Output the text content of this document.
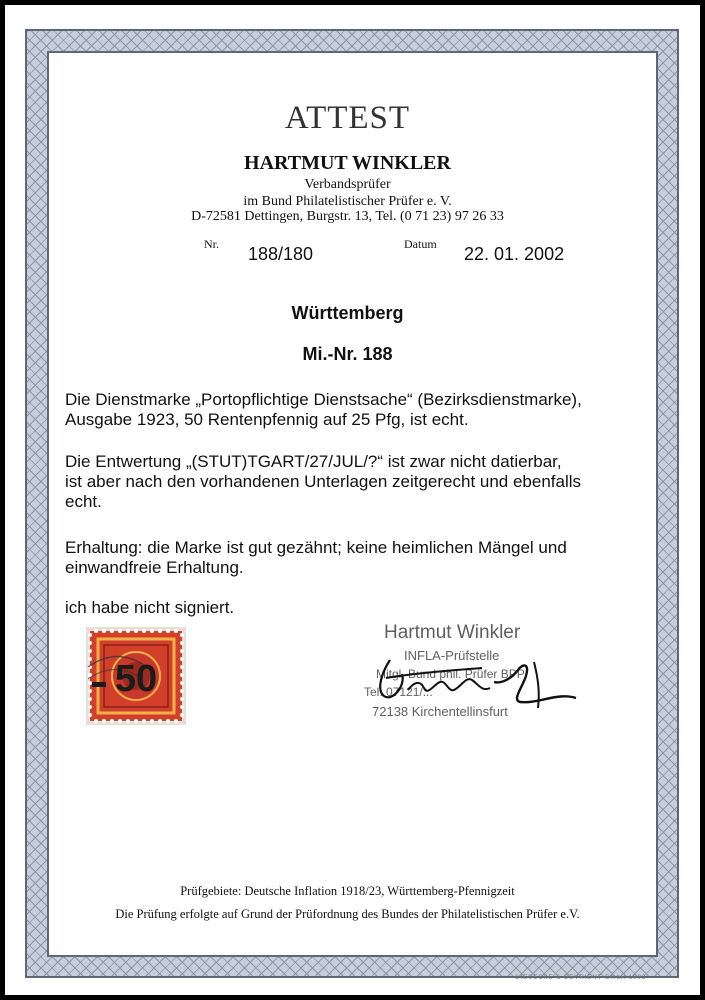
ATTEST
HARTMUT WINKLER
Verbandsprüfer
im Bund Philatelistischer Prüfer e. V.
D-72581 Dettingen, Burgstr. 13, Tel. (0 71 23) 97 26 33
Nr. 188/180	Datum 22. 01. 2002
Württemberg
Mi.-Nr. 188
Die Dienstmarke „Portopflichtige Dienstsache“ (Bezirksdienstmarke),
Ausgabe 1923, 50 Rentenpfennig auf 25 Pfg, ist echt.
Die Entwertung „(STUT)TGART/27/JUL/?“ ist zwar nicht datierbar,
ist aber nach den vorhandenen Unterlagen zeitgerecht und ebenfalls
echt.
Erhaltung: die Marke ist gut gezähnt; keine heimlichen Mängel und
einwandfreie Erhaltung.
ich habe nicht signiert.
50
Hartmut Winkler
INFLA-Prüfstelle
Mitgl. Bund phil. Prüfer BPP
Tel. 07121/...
72138 Kirchentellinsfurt
Prüfgebiete: Deutsche Inflation 1918/23, Württemberg-Pfennigzeit
Die Prüfung erfolgte auf Grund der Prüfordnung des Bundes der Philatelistischen Prüfer e.V.
GIESECKE & DEVRIENT GmbH 1992
